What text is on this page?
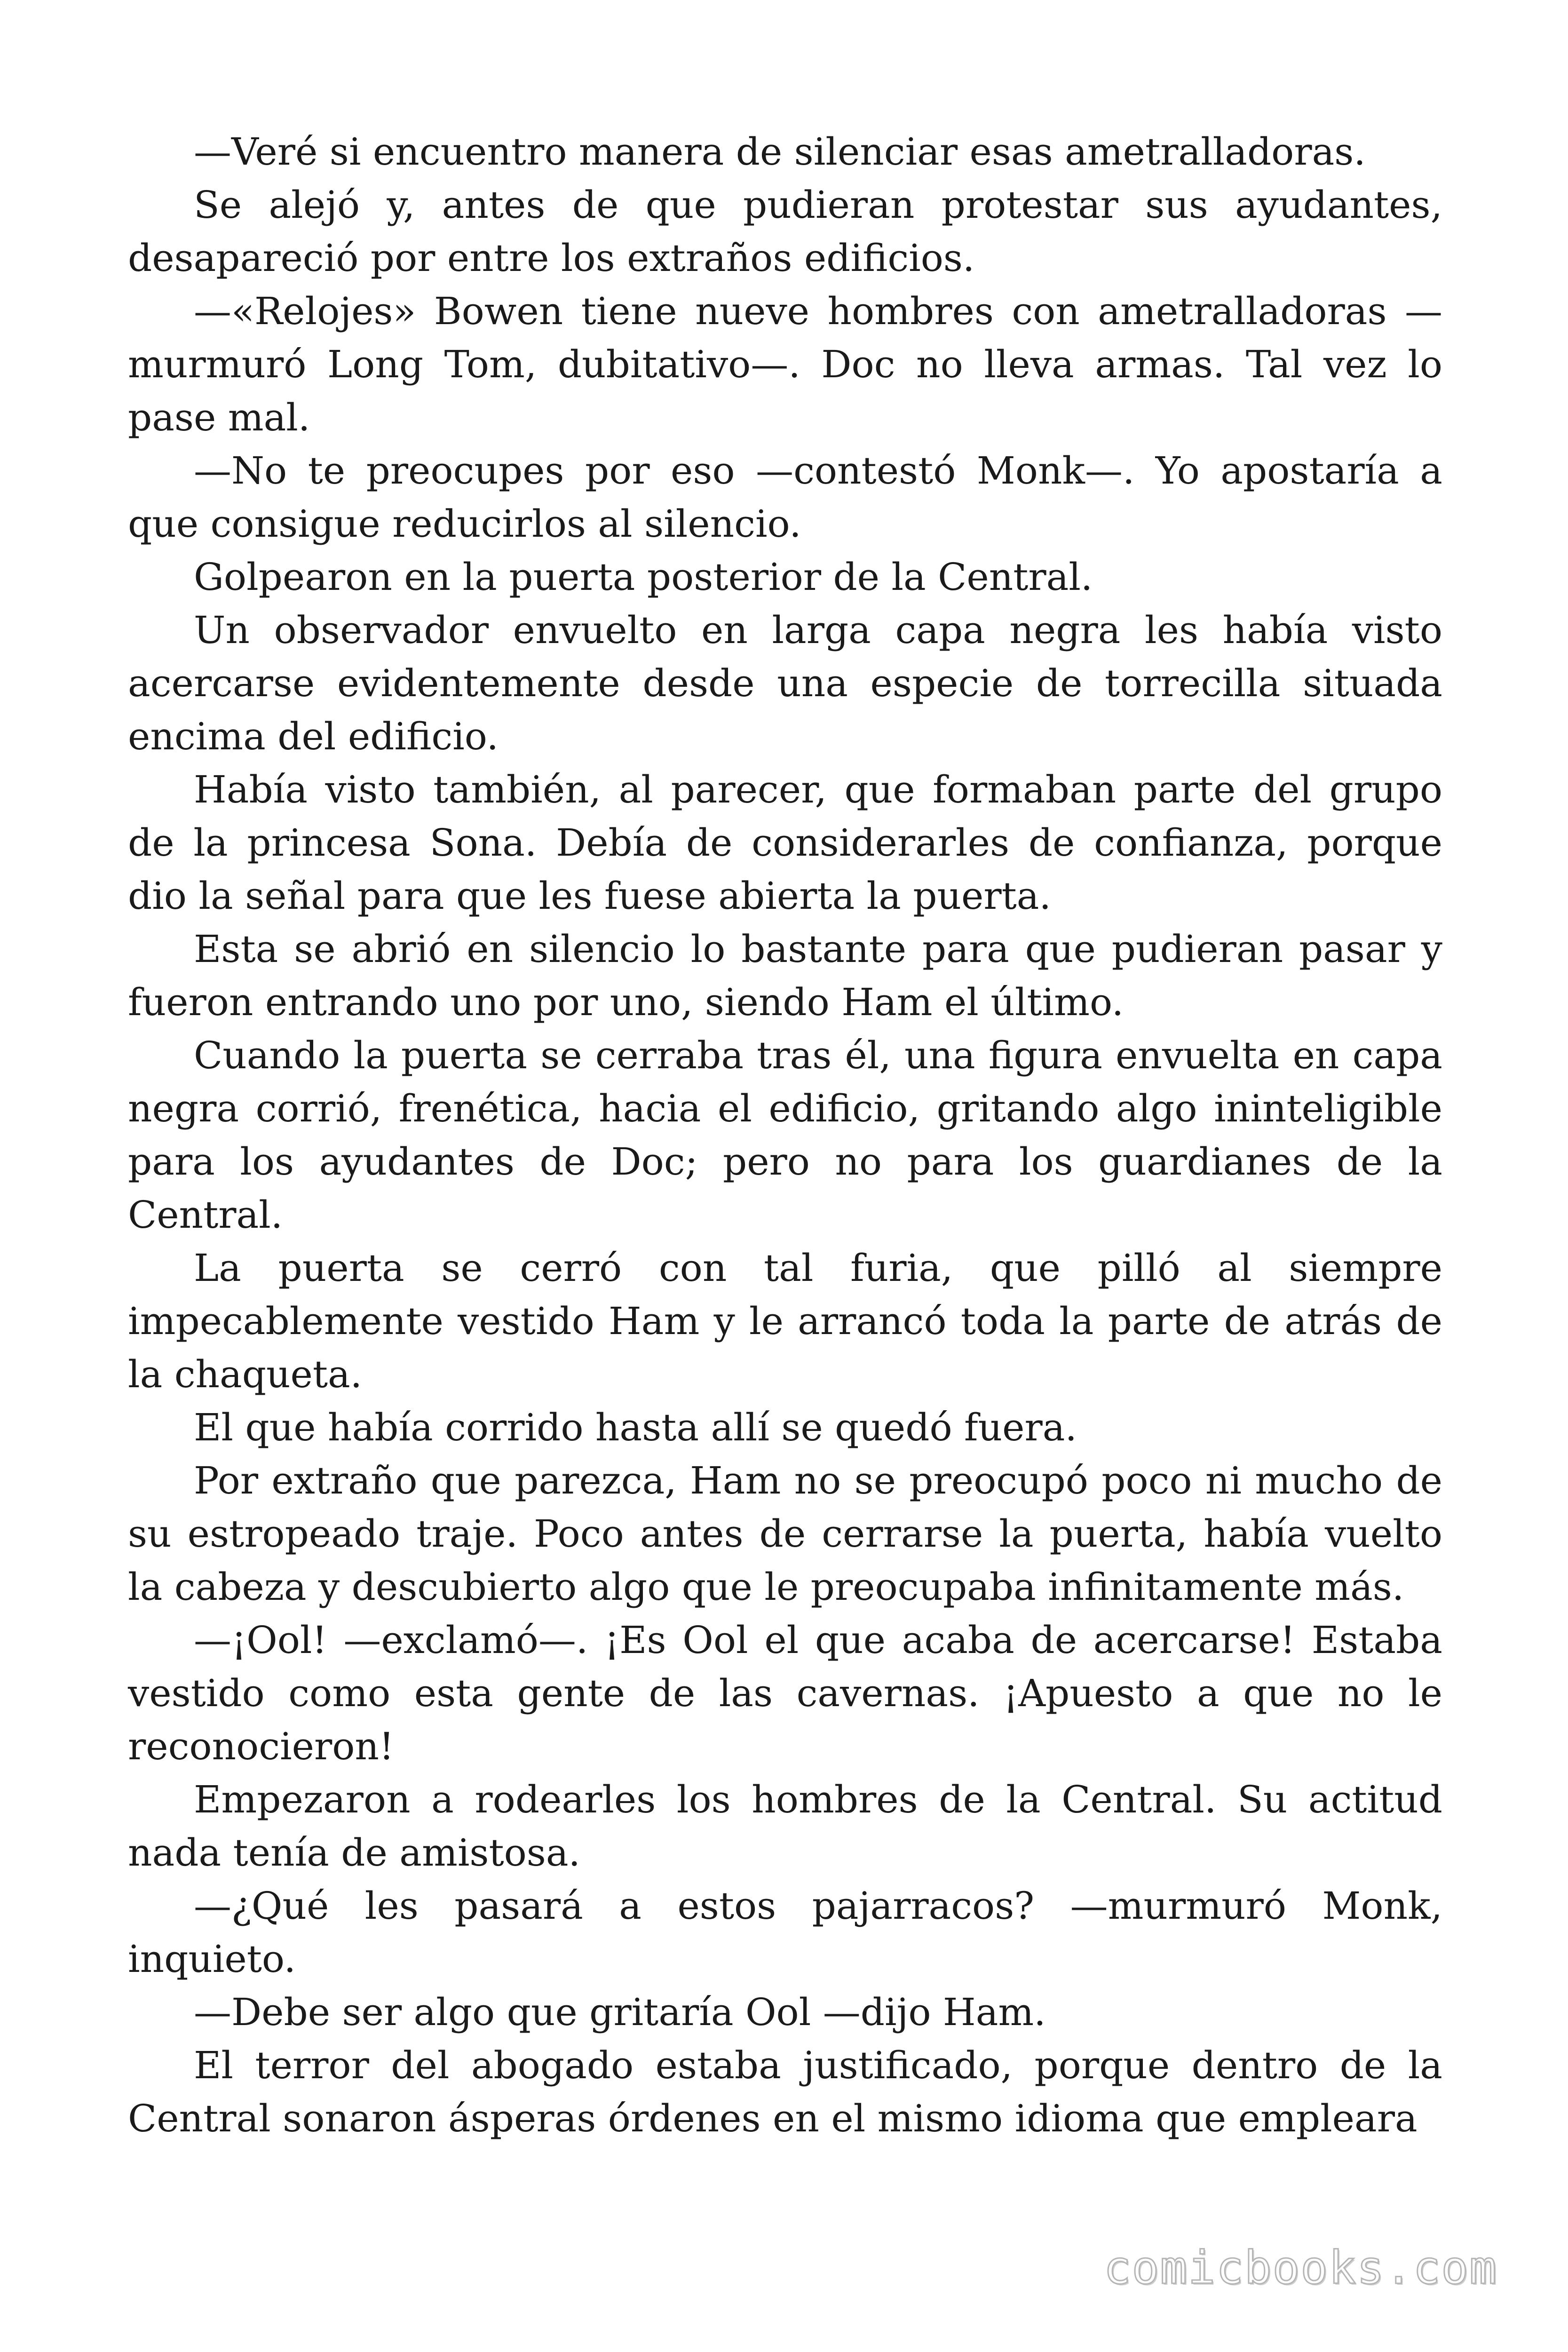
—Veré si encuentro manera de silenciar esas ametralladoras.

Se alejó y, antes de que pudieran protestar sus ayudantes, desapareció por entre los extraños edificios.

—«Relojes» Bowen tiene nueve hombres con ametralladoras —murmuró Long Tom, dubitativo—. Doc no lleva armas. Tal vez lo pase mal.

—No te preocupes por eso —contestó Monk—. Yo apostaría a que consigue reducirlos al silencio.

Golpearon en la puerta posterior de la Central.

Un observador envuelto en larga capa negra les había visto acercarse evidentemente desde una especie de torrecilla situada encima del edificio.

Había visto también, al parecer, que formaban parte del grupo de la princesa Sona. Debía de considerarles de confianza, porque dio la señal para que les fuese abierta la puerta.

Esta se abrió en silencio lo bastante para que pudieran pasar y fueron entrando uno por uno, siendo Ham el último.

Cuando la puerta se cerraba tras él, una figura envuelta en capa negra corrió, frenética, hacia el edificio, gritando algo ininteligible para los ayudantes de Doc; pero no para los guardianes de la Central.

La puerta se cerró con tal furia, que pilló al siempre impecablemente vestido Ham y le arrancó toda la parte de atrás de la chaqueta.

El que había corrido hasta allí se quedó fuera.

Por extraño que parezca, Ham no se preocupó poco ni mucho de su estropeado traje. Poco antes de cerrarse la puerta, había vuelto la cabeza y descubierto algo que le preocupaba infinitamente más.

—¡Ool! —exclamó—. ¡Es Ool el que acaba de acercarse! Estaba vestido como esta gente de las cavernas. ¡Apuesto a que no le reconocieron!

Empezaron a rodearles los hombres de la Central. Su actitud nada tenía de amistosa.

—¿Qué les pasará a estos pajarracos? —murmuró Monk, inquieto.

—Debe ser algo que gritaría Ool —dijo Ham.

El terror del abogado estaba justificado, porque dentro de la Central sonaron ásperas órdenes en el mismo idioma que empleara

comicbooks.com
